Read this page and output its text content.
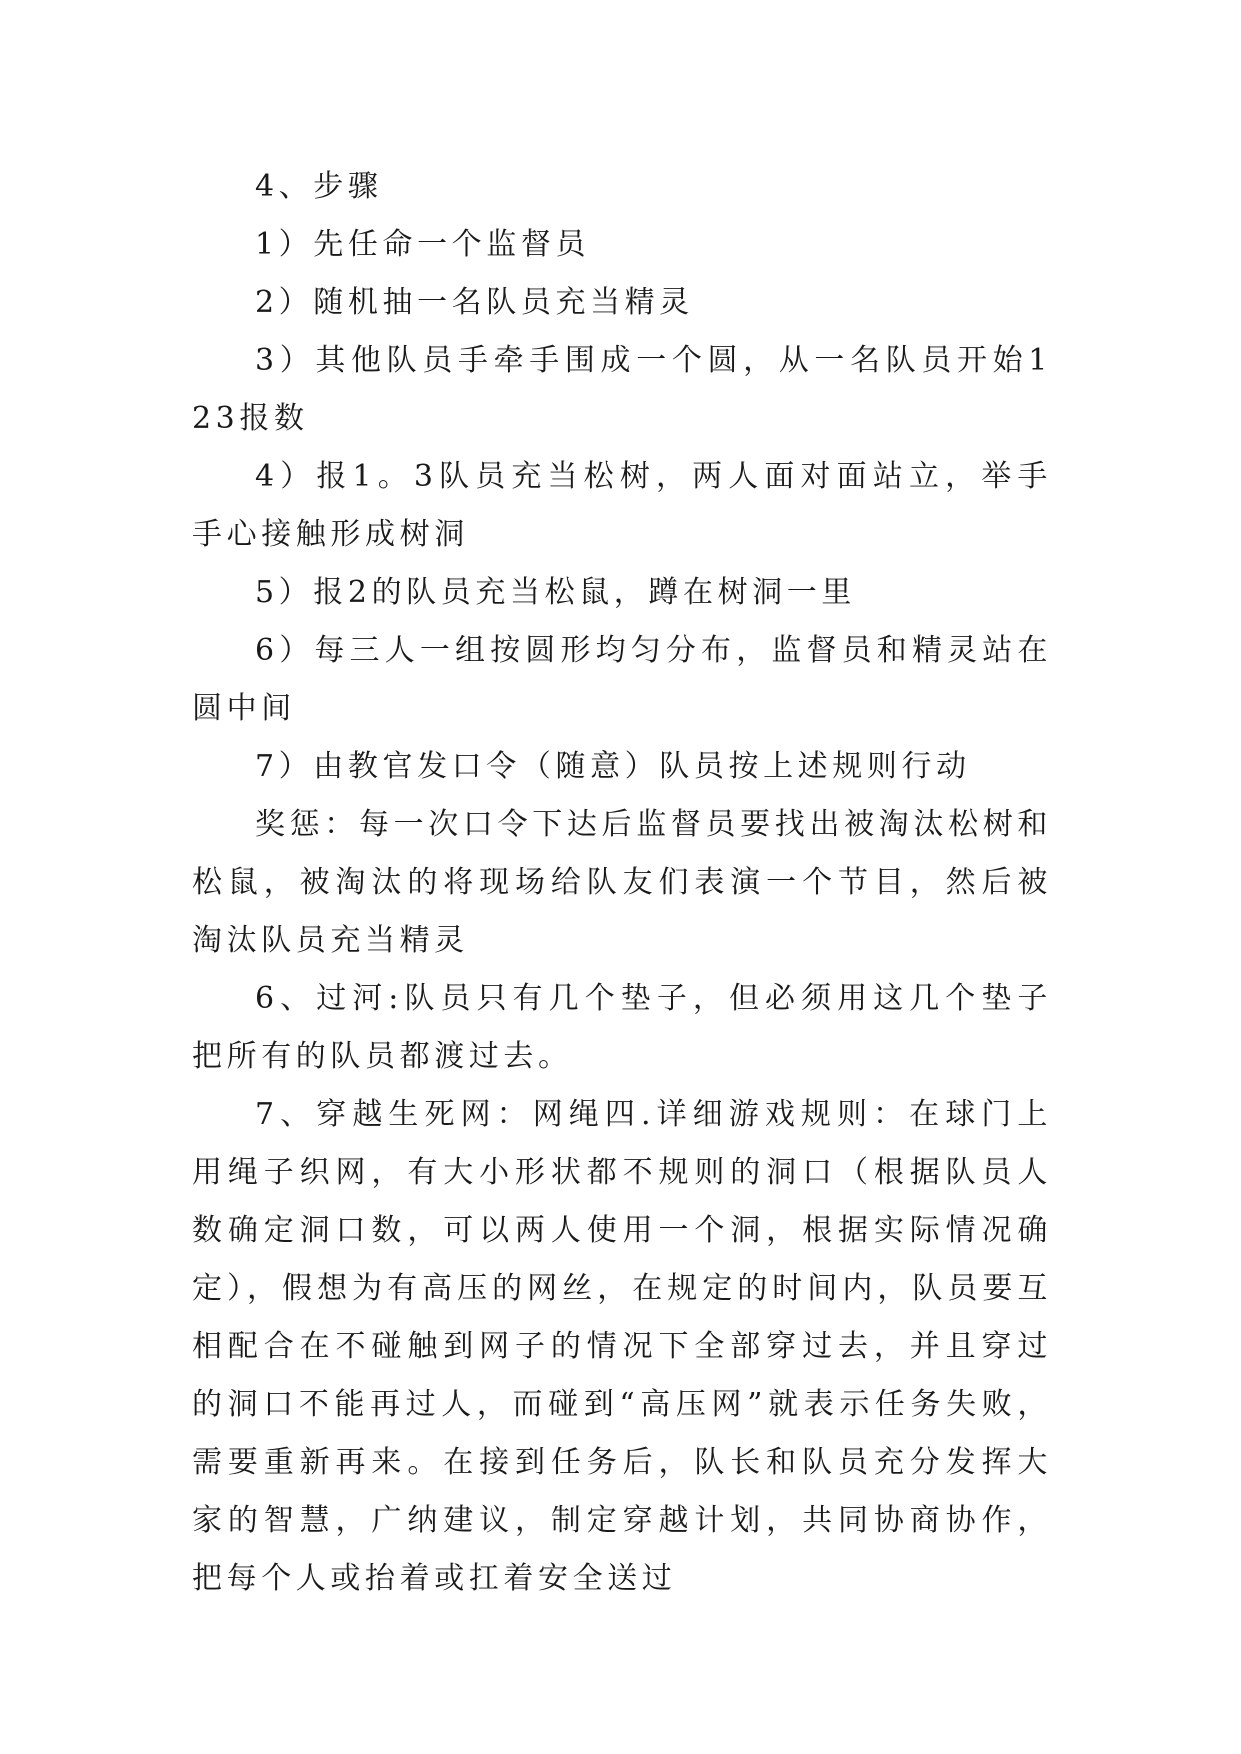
4、步骤

1）先任命一个监督员

2）随机抽一名队员充当精灵

3）其他队员手牵手围成一个圆，从一名队员开始123报数

4）报1。3队员充当松树，两人面对面站立，举手手心接触形成树洞

5）报2的队员充当松鼠，蹲在树洞一里

6）每三人一组按圆形均匀分布，监督员和精灵站在圆中间

7）由教官发口令（随意）队员按上述规则行动

奖惩：每一次口令下达后监督员要找出被淘汰松树和松鼠，被淘汰的将现场给队友们表演一个节目，然后被淘汰队员充当精灵

6、过河:队员只有几个垫子，但必须用这几个垫子把所有的队员都渡过去。

7、穿越生死网：网绳四.详细游戏规则：在球门上用绳子织网，有大小形状都不规则的洞口（根据队员人数确定洞口数，可以两人使用一个洞，根据实际情况确定），假想为有高压的网丝，在规定的时间内，队员要互相配合在不碰触到网子的情况下全部穿过去，并且穿过的洞口不能再过人，而碰到“高压网”就表示任务失败，需要重新再来。在接到任务后，队长和队员充分发挥大家的智慧，广纳建议，制定穿越计划，共同协商协作，把每个人或抬着或扛着安全送过
